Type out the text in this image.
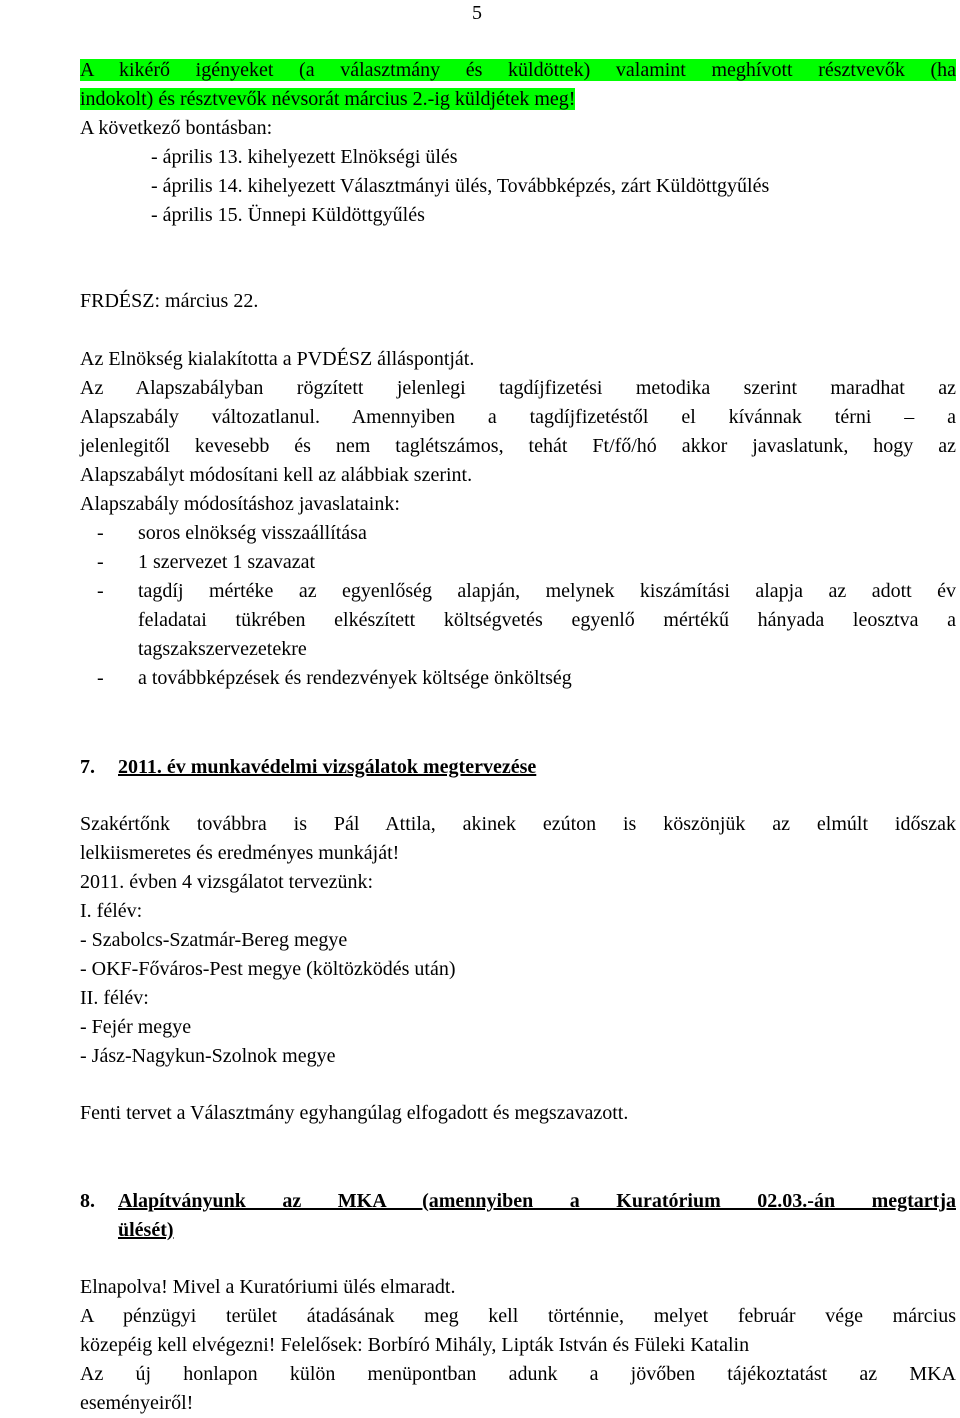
5
A kikérő igényeket (a választmány és küldöttek) valamint meghívott résztvevők (ha
indokolt) és résztvevők névsorát március 2.-ig küldjétek meg!
A következő bontásban:
- április 13. kihelyezett Elnökségi ülés
- április 14. kihelyezett Választmányi ülés, Továbbképzés, zárt Küldöttgyűlés
- április 15. Ünnepi Küldöttgyűlés
FRDÉSZ: március 22.
Az Elnökség kialakította a PVDÉSZ álláspontját.
Az Alapszabályban rögzített jelenlegi tagdíjfizetési metodika szerint maradhat az
Alapszabály változatlanul. Amennyiben a tagdíjfizetéstől el kívánnak térni – a
jelenlegitől kevesebb és nem taglétszámos, tehát Ft/fő/hó akkor javaslatunk, hogy az
Alapszabályt módosítani kell az alábbiak szerint.
Alapszabály módosításhoz javaslataink:
-	soros elnökség visszaállítása
-	1 szervezet 1 szavazat
-	tagdíj mértéke az egyenlőség alapján, melynek kiszámítási alapja az adott év
feladatai tükrében elkészített költségvetés egyenlő mértékű hányada leosztva a
tagszakszervezetekre
-	a továbbképzések és rendezvények költsége önköltség
7. 2011. év munkavédelmi vizsgálatok megtervezése
Szakértőnk továbbra is Pál Attila, akinek ezúton is köszönjük az elmúlt időszak
lelkiismeretes és eredményes munkáját!
2011. évben 4 vizsgálatot tervezünk:
I. félév:
- Szabolcs-Szatmár-Bereg megye
- OKF-Főváros-Pest megye (költözködés után)
II. félév:
- Fejér megye
- Jász-Nagykun-Szolnok megye
Fenti tervet a Választmány egyhangúlag elfogadott és megszavazott.
8. Alapítványunk az MKA (amennyiben a Kuratórium 02.03.-án megtartja
ülését)
Elnapolva! Mivel a Kuratóriumi ülés elmaradt.
A pénzügyi terület átadásának meg kell történnie, melyet február vége március
közepéig kell elvégezni! Felelősek: Borbíró Mihály, Lipták István és Füleki Katalin
Az új honlapon külön menüpontban adunk a jövőben tájékoztatást az MKA
eseményeiről!
